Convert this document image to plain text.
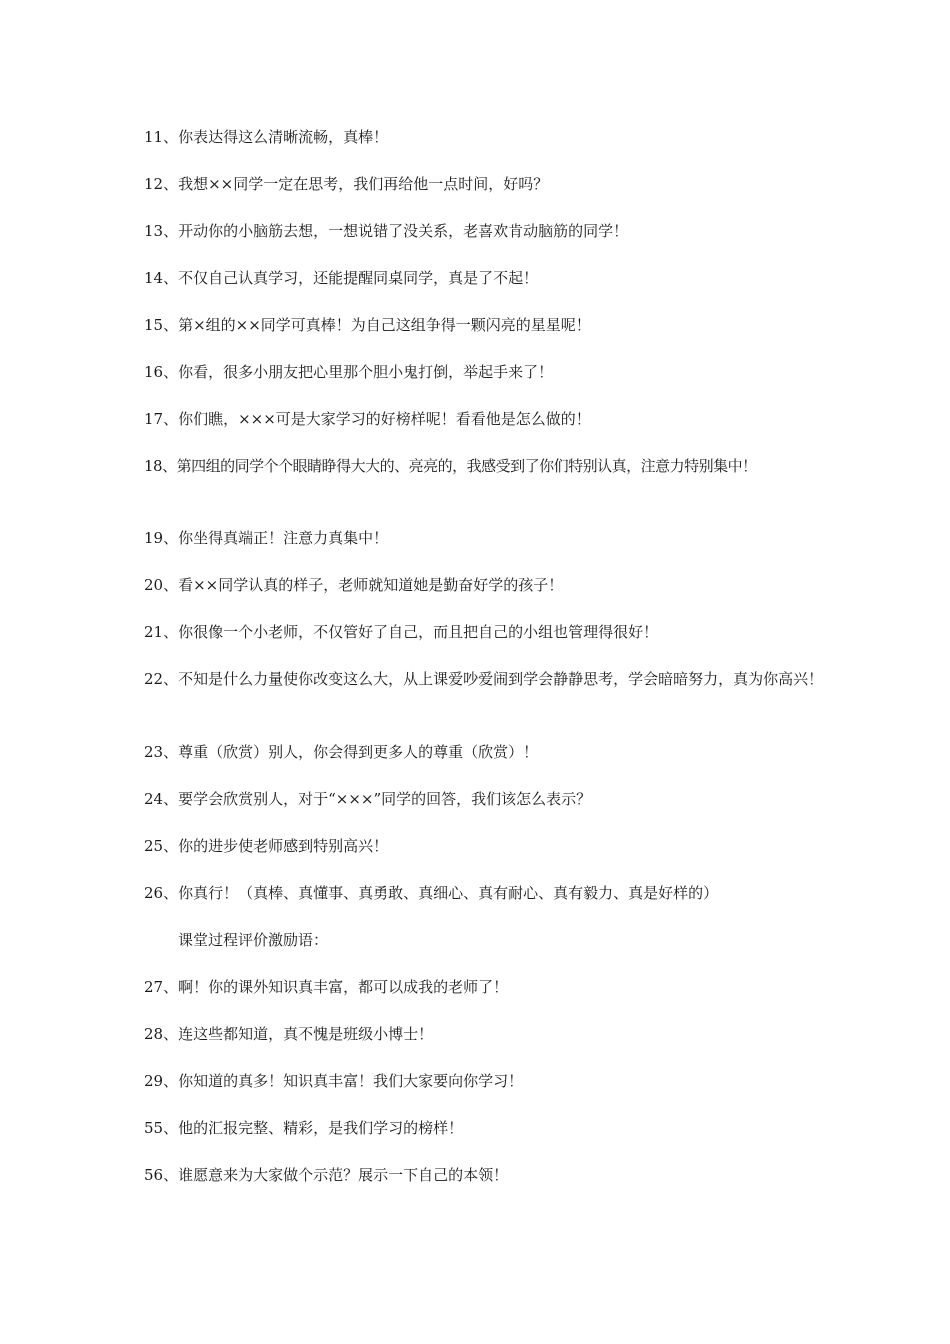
11、你表达得这么清晰流畅，真棒！

12、我想××同学一定在思考，我们再给他一点时间，好吗？

13、开动你的小脑筋去想，一想说错了没关系，老喜欢肯动脑筋的同学！

14、不仅自己认真学习，还能提醒同桌同学，真是了不起！

15、第×组的××同学可真棒！为自己这组争得一颗闪亮的星星呢！

16、你看，很多小朋友把心里那个胆小鬼打倒，举起手来了！

17、你们瞧，×××可是大家学习的好榜样呢！看看他是怎么做的！

18、第四组的同学个个眼睛睁得大大的、亮亮的，我感受到了你们特别认真，注意力特别集中！

19、你坐得真端正！注意力真集中！

20、看××同学认真的样子，老师就知道她是勤奋好学的孩子！

21、你很像一个小老师，不仅管好了自己，而且把自己的小组也管理得很好！

22、不知是什么力量使你改变这么大，从上课爱吵爱闹到学会静静思考，学会暗暗努力，真为你高兴！

23、尊重（欣赏）别人，你会得到更多人的尊重（欣赏）！

24、要学会欣赏别人，对于“×××”同学的回答，我们该怎么表示？

25、你的进步使老师感到特别高兴！

26、你真行！（真棒、真懂事、真勇敢、真细心、真有耐心、真有毅力、真是好样的）

课堂过程评价激励语：

27、啊！你的课外知识真丰富，都可以成我的老师了！

28、连这些都知道，真不愧是班级小博士！

29、你知道的真多！知识真丰富！我们大家要向你学习！

55、他的汇报完整、精彩，是我们学习的榜样！

56、谁愿意来为大家做个示范？展示一下自己的本领！
